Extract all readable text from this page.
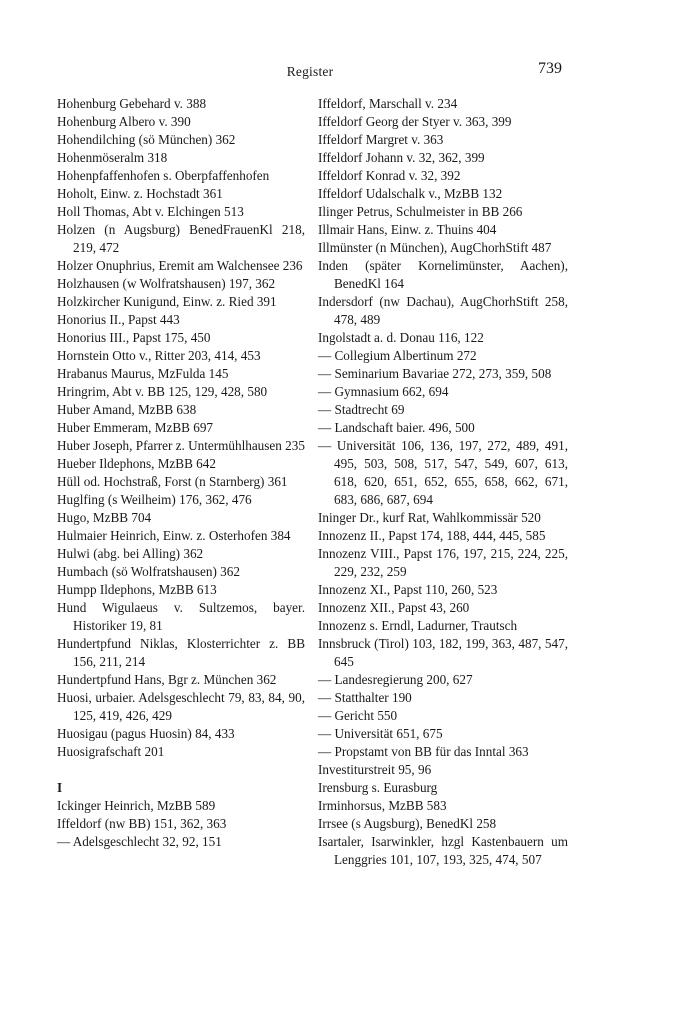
Register	739
Hohenburg Gebehard v. 388
Hohenburg Albero v. 390
Hohendilching (sö München) 362
Hohenmöseralm 318
Hohenpfaffenhofen s. Oberpfaffenhofen
Hoholt, Einw. z. Hochstadt 361
Holl Thomas, Abt v. Elchingen 513
Holzen (n Augsburg) BenedFrauenKl 218, 219, 472
Holzer Onuphrius, Eremit am Walchensee 236
Holzhausen (w Wolfratshausen) 197, 362
Holzkircher Kunigund, Einw. z. Ried 391
Honorius II., Papst 443
Honorius III., Papst 175, 450
Hornstein Otto v., Ritter 203, 414, 453
Hrabanus Maurus, MzFulda 145
Hringrim, Abt v. BB 125, 129, 428, 580
Huber Amand, MzBB 638
Huber Emmeram, MzBB 697
Huber Joseph, Pfarrer z. Untermühlhausen 235
Hueber Ildephons, MzBB 642
Hüll od. Hochstraß, Forst (n Starnberg) 361
Huglfing (s Weilheim) 176, 362, 476
Hugo, MzBB 704
Hulmaier Heinrich, Einw. z. Osterhofen 384
Hulwi (abg. bei Alling) 362
Humbach (sö Wolfratshausen) 362
Humpp Ildephons, MzBB 613
Hund Wigulaeus v. Sultzemos, bayer. Historiker 19, 81
Hundertpfund Niklas, Klosterrichter z. BB 156, 211, 214
Hundertpfund Hans, Bgr z. München 362
Huosi, urbaier. Adelsgeschlecht 79, 83, 84, 90, 125, 419, 426, 429
Huosigau (pagus Huosin) 84, 433
Huosigrafschaft 201
I
Ickinger Heinrich, MzBB 589
Iffeldorf (nw BB) 151, 362, 363
— Adelsgeschlecht 32, 92, 151
Iffeldorf, Marschall v. 234
Iffeldorf Georg der Styer v. 363, 399
Iffeldorf Margret v. 363
Iffeldorf Johann v. 32, 362, 399
Iffeldorf Konrad v. 32, 392
Iffeldorf Udalschalk v., MzBB 132
Ilinger Petrus, Schulmeister in BB 266
Illmair Hans, Einw. z. Thuins 404
Illmünster (n München), AugChorhStift 487
Inden (später Kornelimünster, Aachen), BenedKl 164
Indersdorf (nw Dachau), AugChorhStift 258, 478, 489
Ingolstadt a. d. Donau 116, 122
— Collegium Albertinum 272
— Seminarium Bavariae 272, 273, 359, 508
— Gymnasium 662, 694
— Stadtrecht 69
— Landschaft baier. 496, 500
— Universität 106, 136, 197, 272, 489, 491, 495, 503, 508, 517, 547, 549, 607, 613, 618, 620, 651, 652, 655, 658, 662, 671, 683, 686, 687, 694
Ininger Dr., kurf Rat, Wahlkommissär 520
Innozenz II., Papst 174, 188, 444, 445, 585
Innozenz VIII., Papst 176, 197, 215, 224, 225, 229, 232, 259
Innozenz XI., Papst 110, 260, 523
Innozenz XII., Papst 43, 260
Innozenz s. Erndl, Ladurner, Trautsch
Innsbruck (Tirol) 103, 182, 199, 363, 487, 547, 645
— Landesregierung 200, 627
— Statthalter 190
— Gericht 550
— Universität 651, 675
— Propstamt von BB für das Inntal 363
Investiturstreit 95, 96
Irensburg s. Eurasburg
Irminhorsus, MzBB 583
Irrsee (s Augsburg), BenedKl 258
Isartaler, Isarwinkler, hzgl Kastenbauern um Lenggries 101, 107, 193, 325, 474, 507
